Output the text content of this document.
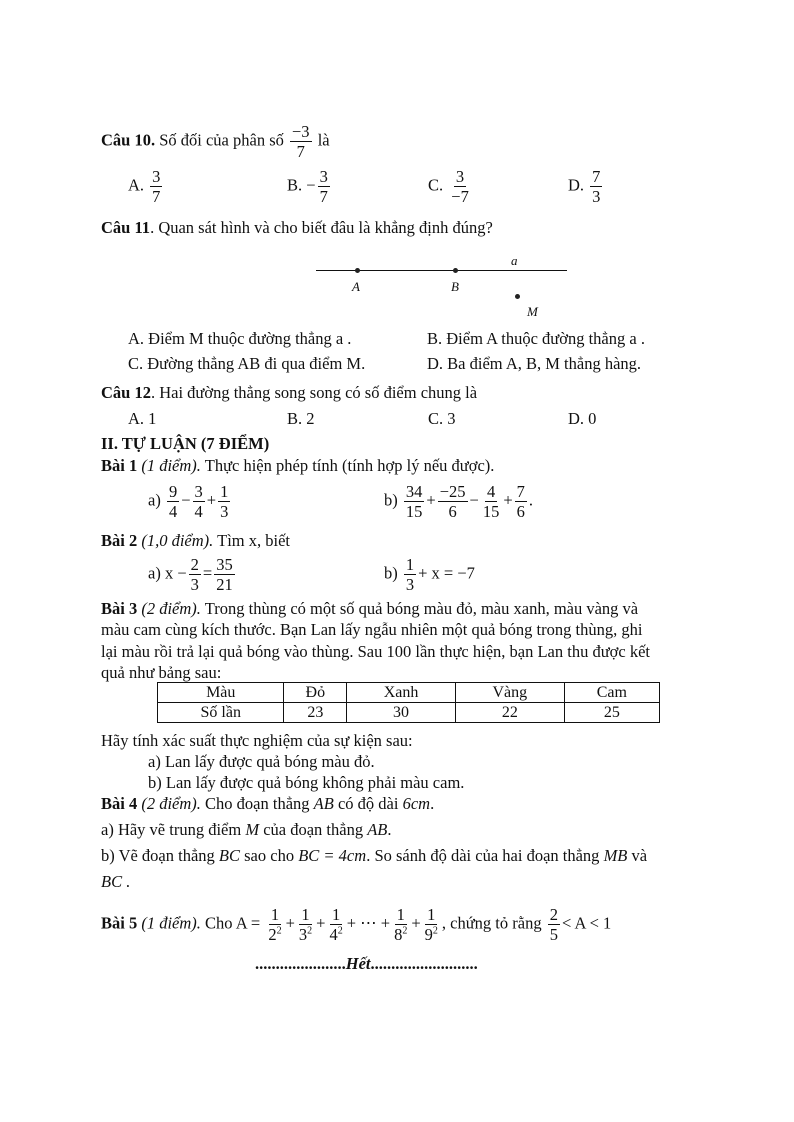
Câu 10. Số đối của phân số $\frac{-3}{7}$ là
A. $\frac{3}{7}$	B. − $\frac{3}{7}$	C. $\frac{3}{-7}$	D. $\frac{7}{3}$
Câu 11. Quan sát hình và cho biết đâu là khẳng định đúng?
a
A	B
M
A. Điểm M thuộc đường thẳng a .	B. Điểm A thuộc đường thẳng a .
C. Đường thẳng AB đi qua điểm M.	D. Ba điểm A, B, M thẳng hàng.
Câu 12. Hai đường thẳng song song có số điểm chung là
A. 1	B. 2	C. 3	D. 0
II. TỰ LUẬN (7 ĐIỂM)
Bài 1 (1 điểm). Thực hiện phép tính (tính hợp lý nếu được).
$a) \frac{9}{4} - \frac{3}{4} + \frac{1}{3}$	$b) \frac{34}{15} + \frac{-25}{6} - \frac{4}{15} + \frac{7}{6}$ .
Bài 2 (1,0 điểm). Tìm x, biết
a) $x - \frac{2}{3} = \frac{35}{21}$	$b) \frac{1}{3} + x = -7$
Bài 3 (2 điểm). Trong thùng có một số quả bóng màu đỏ, màu xanh, màu vàng và
màu cam cùng kích thước. Bạn Lan lấy ngẫu nhiên một quả bóng trong thùng, ghi
lại màu rồi trả lại quả bóng vào thùng. Sau 100 lần thực hiện, bạn Lan thu được kết
quả như bảng sau:
Màu	Đỏ	Xanh	Vàng	Cam
Số lần	23	30	22	25
Hãy tính xác suất thực nghiệm của sự kiện sau:
a) Lan lấy được quả bóng màu đỏ.
b) Lan lấy được quả bóng không phải màu cam.
Bài 4 (2 điểm). Cho đoạn thẳng AB có độ dài 6cm.
a) Hãy vẽ trung điểm M của đoạn thẳng AB.
b) Vẽ đoạn thẳng BC sao cho BC = 4cm. So sánh độ dài của hai đoạn thẳng MB và
BC .
Bài 5 (1 điểm). Cho $A = \frac{1}{2^2} + \frac{1}{3^2} + \frac{1}{4^2}$ + ⋯ + $\frac{1}{8^2} + \frac{1}{9^2}$ , chứng tỏ rằng $\frac{2}{5} < A < 1$
......................Hết..........................
